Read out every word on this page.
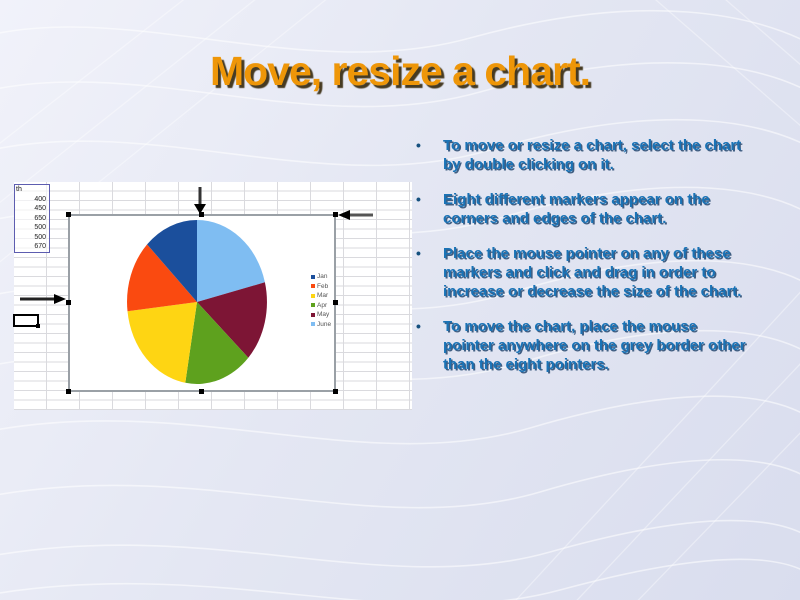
Move, resize a chart.
th
400
450
650
500
500
670
Jan
Feb
Mar
Apr
May
June
• To move or resize a chart, select the chart by double clicking on it.
• Eight different markers appear on the corners and edges of the chart.
• Place the mouse pointer on any of these markers and click and drag in order to increase or decrease the size of the chart.
• To move the chart, place the mouse pointer anywhere on the grey border other than the eight pointers.
